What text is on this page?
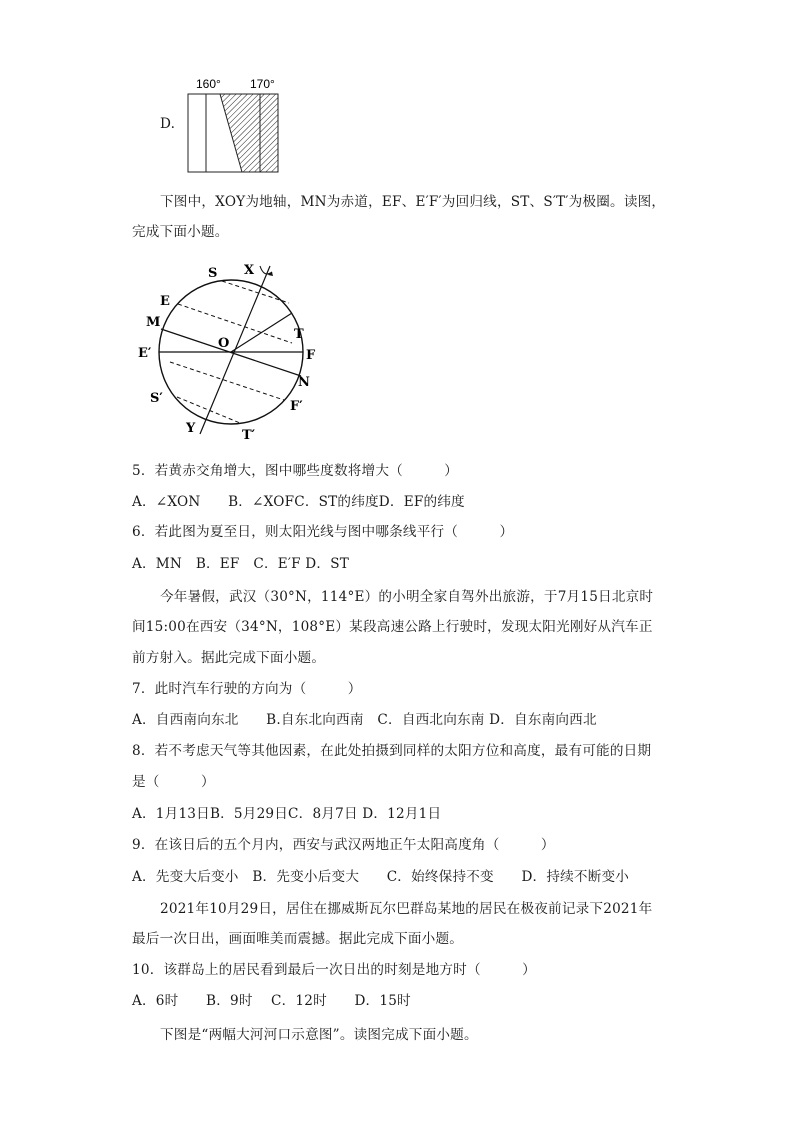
D.
160° 170°
下图中，XOY为地轴，MN为赤道，EF、E′F′为回归线，ST、S′T′为极圈。读图，
完成下面小题。
S X
E
T
M
O
E′	F
N
S′
F′
Y	T′
5．若黄赤交角增大，图中哪些度数将增大（　　　）
A．∠XON　　B．∠XOFC．ST的纬度D．EF的纬度
6．若此图为夏至日，则太阳光线与图中哪条线平行（　　　）
A．MN　B．EF　C．E′F D．ST
今年暑假，武汉（30°N，114°E）的小明全家自驾外出旅游，于7月15日北京时
间15:00在西安（34°N，108°E）某段高速公路上行驶时，发现太阳光刚好从汽车正
前方射入。据此完成下面小题。
7．此时汽车行驶的方向为（　　　）
A．自西南向东北　　B.自东北向西南　C．自西北向东南 D．自东南向西北
8．若不考虑天气等其他因素，在此处拍摄到同样的太阳方位和高度，最有可能的日期
是（　　　）
A．1月13日B．5月29日C．8月7日 D．12月1日
9．在该日后的五个月内，西安与武汉两地正午太阳高度角（　　　）
A．先变大后变小　B．先变小后变大　　C．始终保持不变　　D．持续不断变小
2021年10月29日，居住在挪威斯瓦尔巴群岛某地的居民在极夜前记录下2021年
最后一次日出，画面唯美而震撼。据此完成下面小题。
10．该群岛上的居民看到最后一次日出的时刻是地方时（　　　）
A．6时　　B．9时　 C．12时　　D．15时
下图是“两幅大河河口示意图”。读图完成下面小题。
